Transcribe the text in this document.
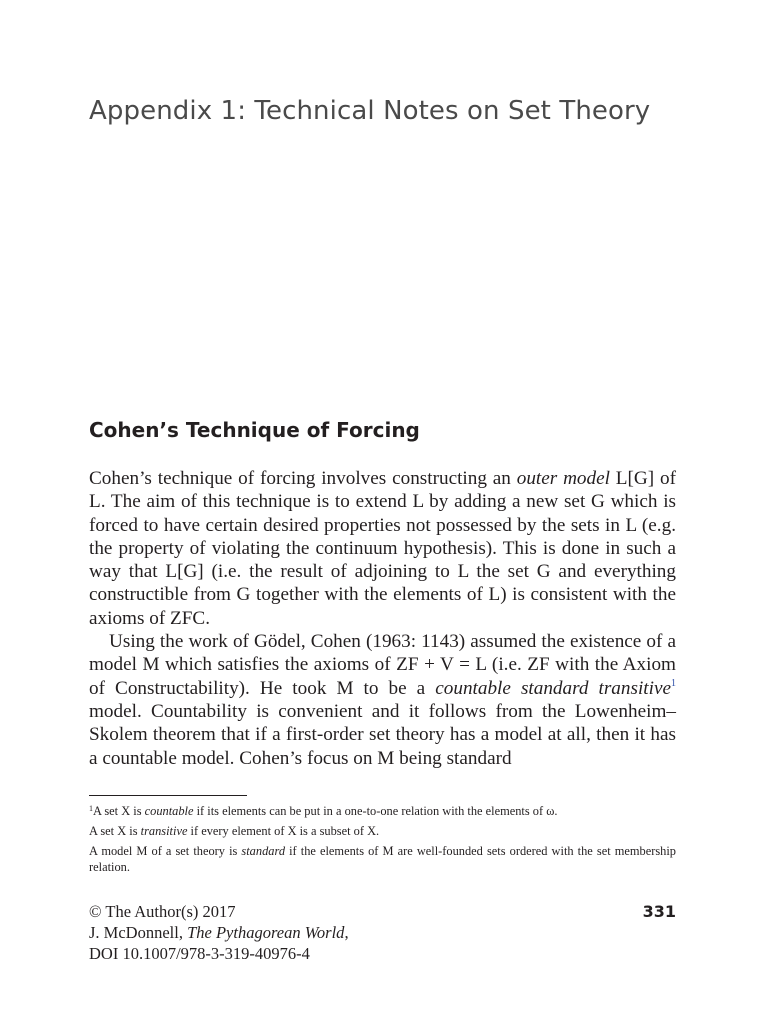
Appendix 1: Technical Notes on Set Theory
Cohen’s Technique of Forcing

Cohen’s technique of forcing involves constructing an outer model L[G] of L. The aim of this technique is to extend L by adding a new set G which is forced to have certain desired properties not possessed by the sets in L (e.g. the property of violating the continuum hypothesis). This is done in such a way that L[G] (i.e. the result of adjoining to L the set G and everything constructible from G together with the elements of L) is consistent with the axioms of ZFC.

Using the work of Gödel, Cohen (1963: 1143) assumed the existence of a model M which satisfies the axioms of ZF + V = L (i.e. ZF with the Axiom of Constructability). He took M to be a countable standard transitive$^1$ model. Countability is convenient and it follows from the Lowenheim–Skolem theorem that if a first-order set theory has a model at all, then it has a countable model. Cohen’s focus on M being standard

$^1$A set X is countable if its elements can be put in a one-to-one relation with the elements of ω.

A set X is transitive if every element of X is a subset of X.

A model M of a set theory is standard if the elements of M are well-founded sets ordered with the set membership relation.

© The Author(s) 2017
J. McDonnell, The Pythagorean World,
DOI 10.1007/978-3-319-40976-4
331
